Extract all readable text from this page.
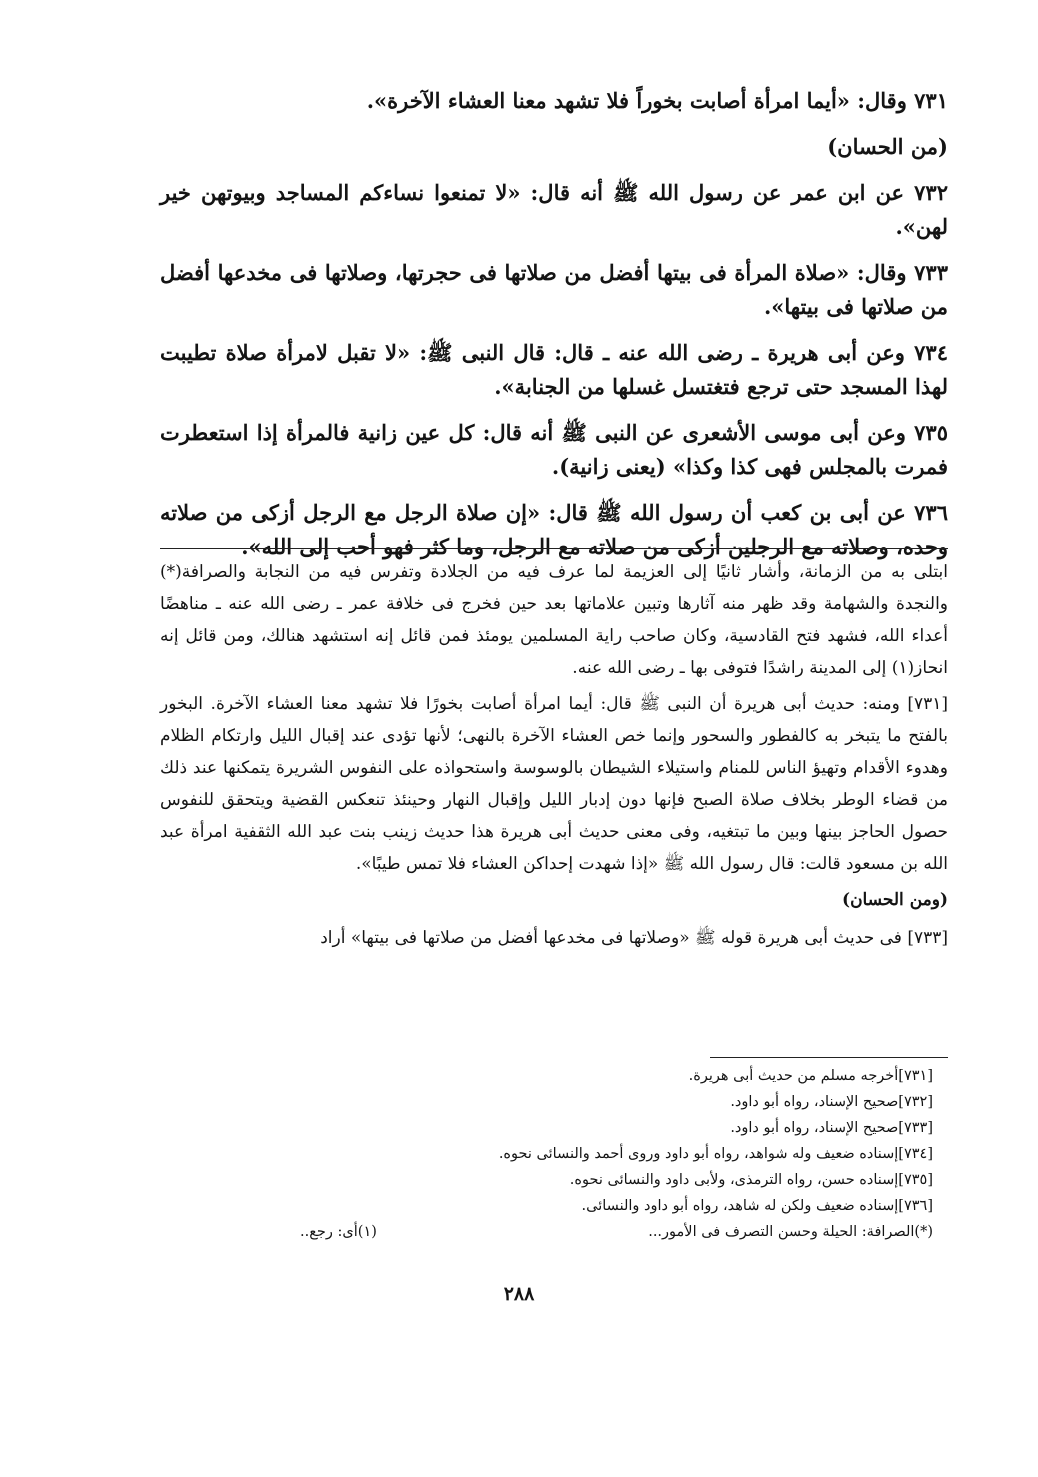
٧٣١ وقال: «أيما امرأة أصابت بخوراً فلا تشهد معنا العشاء الآخرة».

(من الحسان)

٧٣٢ عن ابن عمر عن رسول الله ﷺ أنه قال: «لا تمنعوا نساءكم المساجد وبيوتهن خير لهن».

٧٣٣ وقال: «صلاة المرأة فى بيتها أفضل من صلاتها فى حجرتها، وصلاتها فى مخدعها أفضل من صلاتها فى بيتها».

٧٣٤ وعن أبى هريرة ـ رضى الله عنه ـ قال: قال النبى ﷺ: «لا تقبل لامرأة صلاة تطيبت لهذا المسجد حتى ترجع فتغتسل غسلها من الجنابة».

٧٣٥ وعن أبى موسى الأشعرى عن النبى ﷺ أنه قال: كل عين زانية فالمرأة إذا استعطرت فمرت بالمجلس فهى كذا وكذا» (يعنى زانية).

٧٣٦ عن أبى بن كعب أن رسول الله ﷺ قال: «إن صلاة الرجل مع الرجل أزكى من صلاته وحده، وصلاته مع الرجلين أزكى من صلاته مع الرجل، وما كثر فهو أحب إلى الله».

ابتلى به من الزمانة، وأشار ثانيًا إلى العزيمة لما عرف فيه من الجلادة وتفرس فيه من النجابة والصرافة(*) والنجدة والشهامة وقد ظهر منه آثارها وتبين علاماتها بعد حين فخرج فى خلافة عمر ـ رضى الله عنه ـ مناهضًا أعداء الله، فشهد فتح القادسية، وكان صاحب راية المسلمين يومئذ فمن قائل إنه استشهد هنالك، ومن قائل إنه انحاز(١) إلى المدينة راشدًا فتوفى بها ـ رضى الله عنه.

[٧٣١] ومنه: حديث أبى هريرة أن النبى ﷺ قال: أيما امرأة أصابت بخورًا فلا تشهد معنا العشاء الآخرة. البخور بالفتح ما يتبخر به كالفطور والسحور وإنما خص العشاء الآخرة بالنهى؛ لأنها تؤدى عند إقبال الليل وارتكام الظلام وهدوء الأقدام وتهيؤ الناس للمنام واستيلاء الشيطان بالوسوسة واستحواذه على النفوس الشريرة يتمكنها عند ذلك من قضاء الوطر بخلاف صلاة الصبح فإنها دون إدبار الليل وإقبال النهار وحينئذ تنعكس القضية ويتحقق للنفوس حصول الحاجز بينها وبين ما تبتغيه، وفى معنى حديث أبى هريرة هذا حديث زينب بنت عبد الله الثقفية امرأة عبد الله بن مسعود قالت: قال رسول الله ﷺ «إذا شهدت إحداكن العشاء فلا تمس طيبًا».

(ومن الحسان)

[٧٣٣] فى حديث أبى هريرة قوله ﷺ «وصلاتها فى مخدعها أفضل من صلاتها فى بيتها» أراد

[٧٣١]أخرجه مسلم من حديث أبى هريرة.
[٧٣٢]صحيح الإسناد، رواه أبو داود.
[٧٣٣]صحيح الإسناد، رواه أبو داود.
[٧٣٤]إسناده ضعيف وله شواهد، رواه أبو داود وروى أحمد والنسائى نحوه.
[٧٣٥]إسناده حسن، رواه الترمذى، ولأبى داود والنسائى نحوه.
[٧٣٦]إسناده ضعيف ولكن له شاهد، رواه أبو داود والنسائى.
(*)الصرافة: الحيلة وحسن التصرف فى الأمور...
(١)أى: رجع..
٢٨٨
